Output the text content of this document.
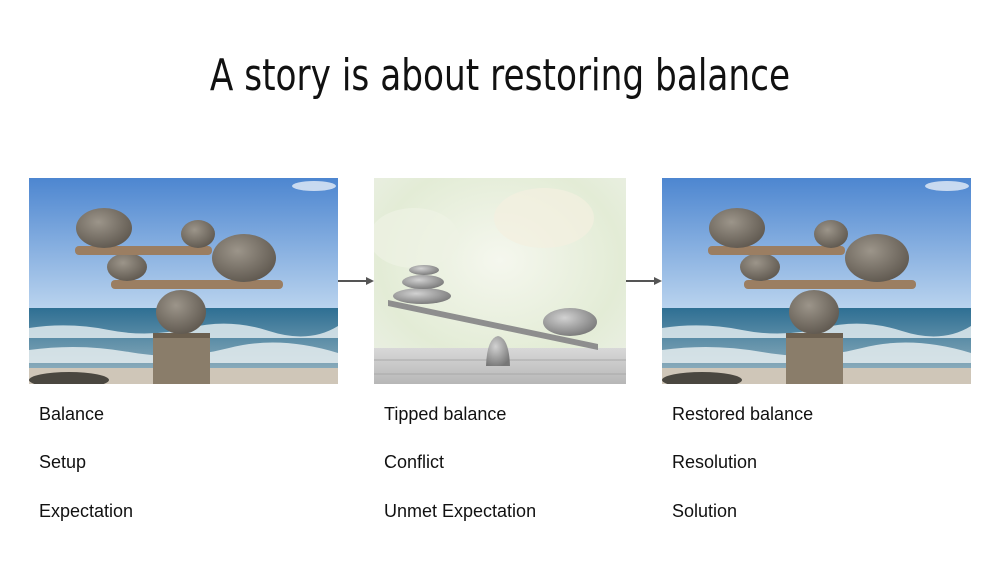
A story is about restoring balance
Balance
Setup
Expectation
Tipped balance
Conflict
Unmet Expectation
Restored balance
Resolution
Solution
